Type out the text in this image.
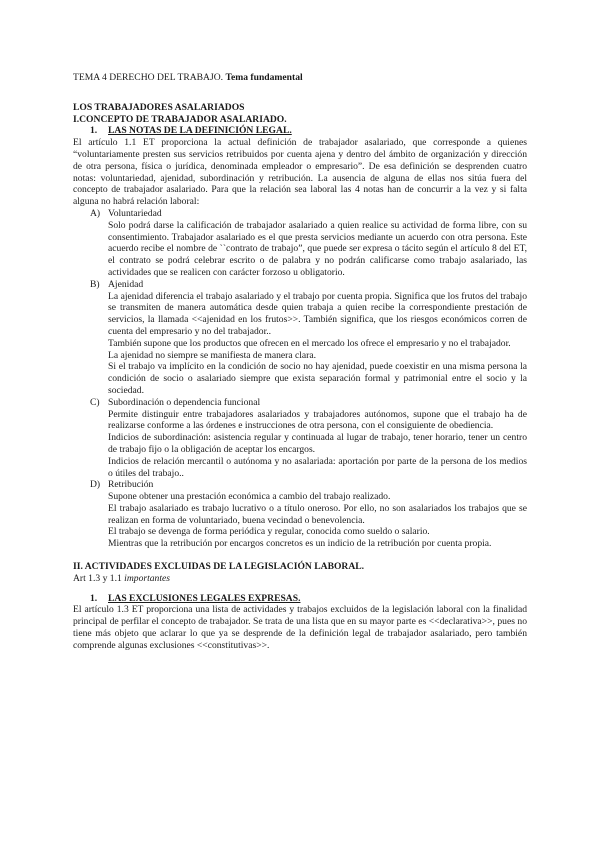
TEMA 4 DERECHO DEL TRABAJO. Tema fundamental

LOS TRABAJADORES ASALARIADOS

I.CONCEPTO DE TRABAJADOR ASALARIADO.

1.	LAS NOTAS DE LA DEFINICIÓN LEGAL.

El artículo 1.1 ET proporciona la actual definición de trabajador asalariado, que corresponde a quienes “voluntariamente presten sus servicios retribuidos por cuenta ajena y dentro del ámbito de organización y dirección de otra persona, física o jurídica, denominada empleador o empresario”. De esa definición se desprenden cuatro notas: voluntariedad, ajenidad, subordinación y retribución. La ausencia de alguna de ellas nos sitúa fuera del concepto de trabajador asalariado. Para que la relación sea laboral las 4 notas han de concurrir a la vez y si falta alguna no habrá relación laboral:

A) Voluntariedad

Solo podrá darse la calificación de trabajador asalariado a quien realice su actividad de forma libre, con su consentimiento. Trabajador asalariado es el que presta servicios mediante un acuerdo con otra persona. Este acuerdo recibe el nombre de ``contrato de trabajo”, que puede ser expresa o tácito según el artículo 8 del ET, el contrato se podrá celebrar escrito o de palabra y no podrán calificarse como trabajo asalariado, las actividades que se realicen con carácter forzoso u obligatorio.

B) Ajenidad

La ajenidad diferencia el trabajo asalariado y el trabajo por cuenta propia. Significa que los frutos del trabajo se transmiten de manera automática desde quien trabaja a quien recibe la correspondiente prestación de servicios, la llamada <<ajenidad en los frutos>>. También significa, que los riesgos económicos corren de cuenta del empresario y no del trabajador..

También supone que los productos que ofrecen en el mercado los ofrece el empresario y no el trabajador.

La ajenidad no siempre se manifiesta de manera clara.

Si el trabajo va implícito en la condición de socio no hay ajenidad, puede coexistir en una misma persona la condición de socio o asalariado siempre que exista separación formal y patrimonial entre el socio y la sociedad.

C) Subordinación o dependencia funcional

Permite distinguir entre trabajadores asalariados y trabajadores autónomos, supone que el trabajo ha de realizarse conforme a las órdenes e instrucciones de otra persona, con el consiguiente de obediencia.

Indicios de subordinación: asistencia regular y continuada al lugar de trabajo, tener horario, tener un centro de trabajo fijo o la obligación de aceptar los encargos.

Indicios de relación mercantil o autónoma y no asalariada: aportación por parte de la persona de los medios o útiles del trabajo..

D) Retribución

Supone obtener una prestación económica a cambio del trabajo realizado.

El trabajo asalariado es trabajo lucrativo o a título oneroso. Por ello, no son asalariados los trabajos que se realizan en forma de voluntariado, buena vecindad o benevolencia.

El trabajo se devenga de forma periódica y regular, conocida como sueldo o salario.

Mientras que la retribución por encargos concretos es un indicio de la retribución por cuenta propia.

II. ACTIVIDADES EXCLUIDAS DE LA LEGISLACIÓN LABORAL.

Art 1.3 y 1.1 importantes

1.	LAS EXCLUSIONES LEGALES EXPRESAS.

El artículo 1.3 ET proporciona una lista de actividades y trabajos excluidos de la legislación laboral con la finalidad principal de perfilar el concepto de trabajador. Se trata de una lista que en su mayor parte es <<declarativa>>, pues no tiene más objeto que aclarar lo que ya se desprende de la definición legal de trabajador asalariado, pero también comprende algunas exclusiones <<constitutivas>>.
